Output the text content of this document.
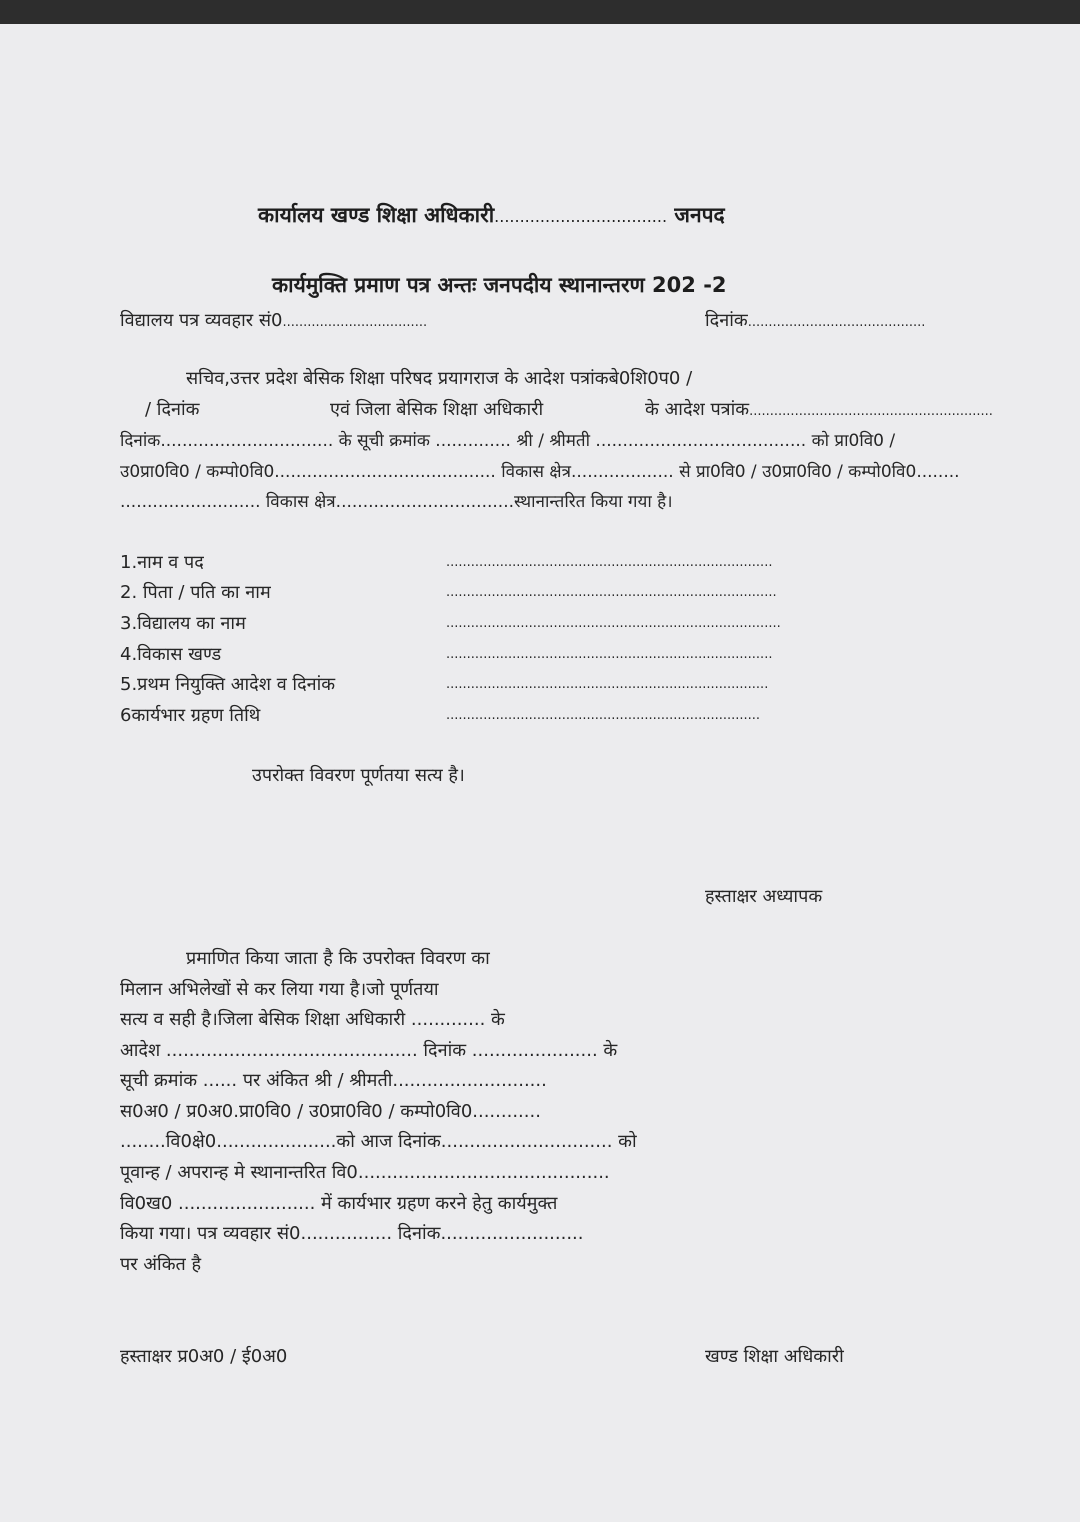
कार्यालय खण्ड शिक्षा अधिकारी.................................. जनपद
कार्यमुक्ति प्रमाण पत्र अन्तः जनपदीय स्थानान्तरण 202 -2
विद्यालय पत्र व्यवहार सं0...................................	दिनांक...........................................
सचिव,उत्तर प्रदेश बेसिक शिक्षा परिषद प्रयागराज के आदेश पत्रांकबे0शि0प0 /
/ दिनांक	एवं जिला बेसिक शिक्षा अधिकारी	के आदेश पत्रांक...........................................................
दिनांक................................ के सूची क्रमांक .............. श्री / श्रीमती ....................................... को प्रा0वि0 /
उ0प्रा0वि0 / कम्पो0वि0......................................... विकास क्षेत्र................... से प्रा0वि0 / उ0प्रा0वि0 / कम्पो0वि0........
.......................... विकास क्षेत्र.................................स्थानान्तरित किया गया है।
1.नाम व पद	...............................................................................
2. पिता / पति का नाम	................................................................................
3.विद्यालय का नाम	.................................................................................
4.विकास खण्ड	...............................................................................
5.प्रथम नियुक्ति आदेश व दिनांक	..............................................................................
6कार्यभार ग्रहण तिथि	............................................................................
उपरोक्त विवरण पूर्णतया सत्य है।
हस्ताक्षर अध्यापक
प्रमाणित किया जाता है कि उपरोक्त विवरण का
मिलान अभिलेखों से कर लिया गया है।जो पूर्णतया
सत्य व सही है।जिला बेसिक शिक्षा अधिकारी ............. के
आदेश ............................................ दिनांक ...................... के
सूची क्रमांक ...... पर अंकित श्री / श्रीमती...........................
स0अ0 / प्र0अ0.प्रा0वि0 / उ0प्रा0वि0 / कम्पो0वि0............
........वि0क्षे0.....................को आज दिनांक.............................. को
पूवान्ह / अपरान्ह मे स्थानान्तरित वि0............................................
वि0ख0 ........................ में कार्यभार ग्रहण करने हेतु कार्यमुक्त
किया गया। पत्र व्यवहार सं0................ दिनांक.........................
पर अंकित है
हस्ताक्षर प्र0अ0 / ई0अ0	खण्ड शिक्षा अधिकारी
